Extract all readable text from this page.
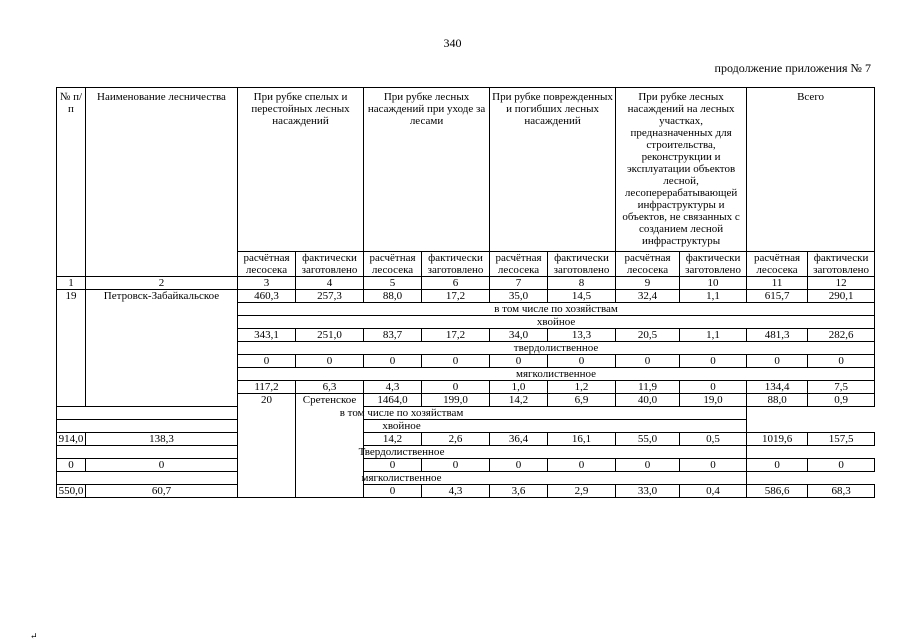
340
продолжение приложения № 7
№ п/п	Наименование лесничества	При рубке спелых и перестойных лесных насаждений		При рубке лесных насаждений при уходе за лесами		При рубке поврежденных и погибших лесных насаждений		При рубке лесных насаждений на лесных участках, предназначенных для строительства, реконструкции и эксплуатации объектов лесной, лесоперерабатывающей инфраструктуры и объектов, не связанных с созданием лесной инфраструктуры		Всего		
		расчётная лесосека	фактически заготовлено	расчётная лесосека	фактически заготовлено	расчётная лесосека	фактически заготовлено	расчётная лесосека	фактически заготовлено	расчётная лесосека	фактически заготовлено	
1	2	3	4	5	6	7	8	9	10	11	12	
19	Петровск-Забайкальское	460,3	257,3	88,0	17,2	35,0	14,5	32,4	1,1	615,7	290,1	
		в том числе по хозяйствам										
		хвойное										
		343,1	251,0	83,7	17,2	34,0	13,3	20,5	1,1	481,3	282,6	
		твердолиственное										
		0	0	0	0	0	0	0	0	0	0	
		мягколиственное										
		117,2	6,3	4,3	0	1,0	1,2	11,9	0	134,4	7,5	
		20	Сретенское	1464,0	199,0	14,2	6,9	40,0	19,0	88,0	0,9		
в том числе по хозяйствам												
хвойное												
914,0	138,3			14,2	2,6	36,4	16,1	55,0	0,5	1019,6	157,5	
Твердолиственное												
0	0			0	0	0	0	0	0	0	0	
мягколиственное												
550,0	60,7			0	4,3	3,6	2,9	33,0	0,4	586,6	68,3	
↵
